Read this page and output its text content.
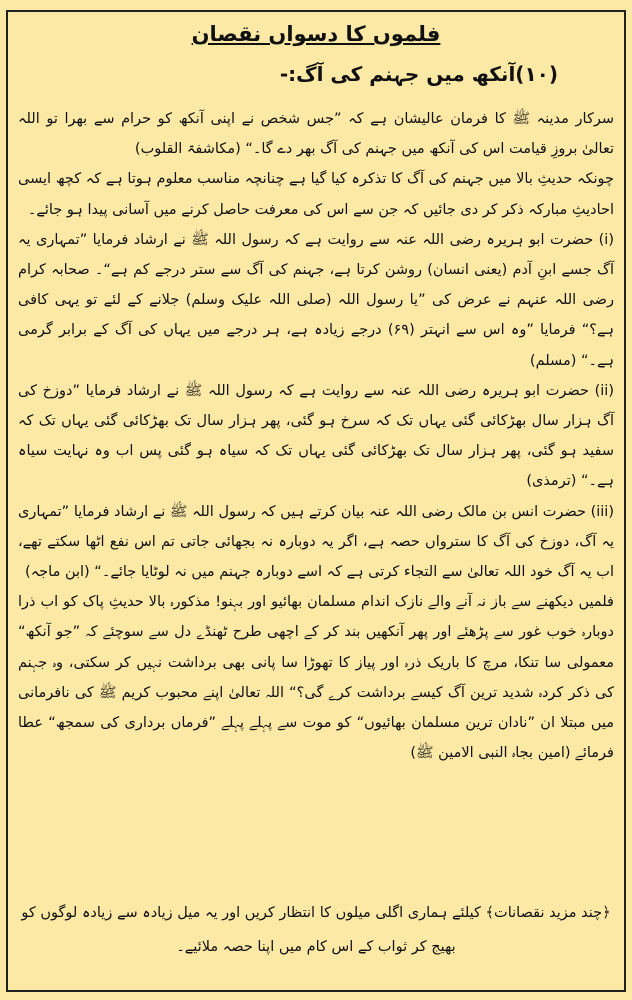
فلموں کا دسواں نقصان
(۱۰)آنکھ میں جہنم کی آگ:-

سرکار مدینہ ﷺ کا فرمان عالیشان ہے کہ ”جس شخص نے اپنی آنکھ کو حرام سے بھرا تو اللہ تعالیٰ بروزِ قیامت اس کی آنکھ میں جہنم کی آگ بھر دے گا۔“ (مکاشفۃ القلوب)

چونکہ حدیثِ بالا میں جہنم کی آگ کا تذکرہ کیا گیا ہے چنانچہ مناسب معلوم ہوتا ہے کہ کچھ ایسی احادیثِ مبارکہ ذکر کر دی جائیں کہ جن سے اس کی معرفت حاصل کرنے میں آسانی پیدا ہو جائے۔

(i) حضرت ابو ہریرہ رضی اللہ عنہ سے روایت ہے کہ رسول اللہ ﷺ نے ارشاد فرمایا ”تمہاری یہ آگ جسے ابنِ آدم (یعنی انسان) روشن کرتا ہے، جہنم کی آگ سے ستر درجے کم ہے“۔ صحابہ کرام رضی اللہ عنہم نے عرض کی ”یا رسول اللہ (صلی اللہ علیک وسلم) جلانے کے لئے تو یہی کافی ہے؟“ فرمایا ”وہ اس سے انہتر (۶۹) درجے زیادہ ہے، ہر درجے میں یہاں کی آگ کے برابر گرمی ہے۔“ (مسلم)

(ii) حضرت ابو ہریرہ رضی اللہ عنہ سے روایت ہے کہ رسول اللہ ﷺ نے ارشاد فرمایا ”دوزخ کی آگ ہزار سال بھڑکائی گئی یہاں تک کہ سرخ ہو گئی، پھر ہزار سال تک بھڑکائی گئی یہاں تک کہ سفید ہو گئی، پھر ہزار سال تک بھڑکائی گئی یہاں تک کہ سیاہ ہو گئی پس اب وہ نہایت سیاہ ہے۔“ (ترمذی)

(iii) حضرت انس بن مالک رضی اللہ عنہ بیان کرتے ہیں کہ رسول اللہ ﷺ نے ارشاد فرمایا ”تمہاری یہ آگ، دوزخ کی آگ کا سترواں حصہ ہے، اگر یہ دوبارہ نہ بجھائی جاتی تم اس نفع اٹھا سکتے تھے، اب یہ آگ خود اللہ تعالیٰ سے التجاء کرتی ہے کہ اسے دوبارہ جہنم میں نہ لوٹایا جائے۔“ (ابن ماجہ)

فلمیں دیکھنے سے باز نہ آنے والے نازک اندام مسلمان بھائیو اور بہنو! مذکورہ بالا حدیثِ پاک کو اب ذرا دوبارہ خوب غور سے پڑھئے اور پھر آنکھیں بند کر کے اچھی طرح ٹھنڈے دل سے سوچئے کہ ”جو آنکھ“ معمولی سا تنکا، مرچ کا باریک ذرہ اور پیاز کا تھوڑا سا پانی بھی برداشت نہیں کر سکتی، وہ جہنم کی ذکر کردہ شدید ترین آگ کیسے برداشت کرے گی؟“ اللہ تعالیٰ اپنے محبوب کریم ﷺ کی نافرمانی میں مبتلا ان ”نادان ترین مسلمان بھائیوں“ کو موت سے پہلے پہلے ”فرماں برداری کی سمجھ“ عطا فرمائے (امین بجاہ النبی الامین ﷺ)

﴿چند مزید نقصانات﴾ کیلئے ہماری اگلی میلوں کا انتظار کریں اور یہ میل زیادہ سے زیادہ لوگوں کو بھیج کر ثواب کے اس کام میں اپنا حصہ ملائیے۔
